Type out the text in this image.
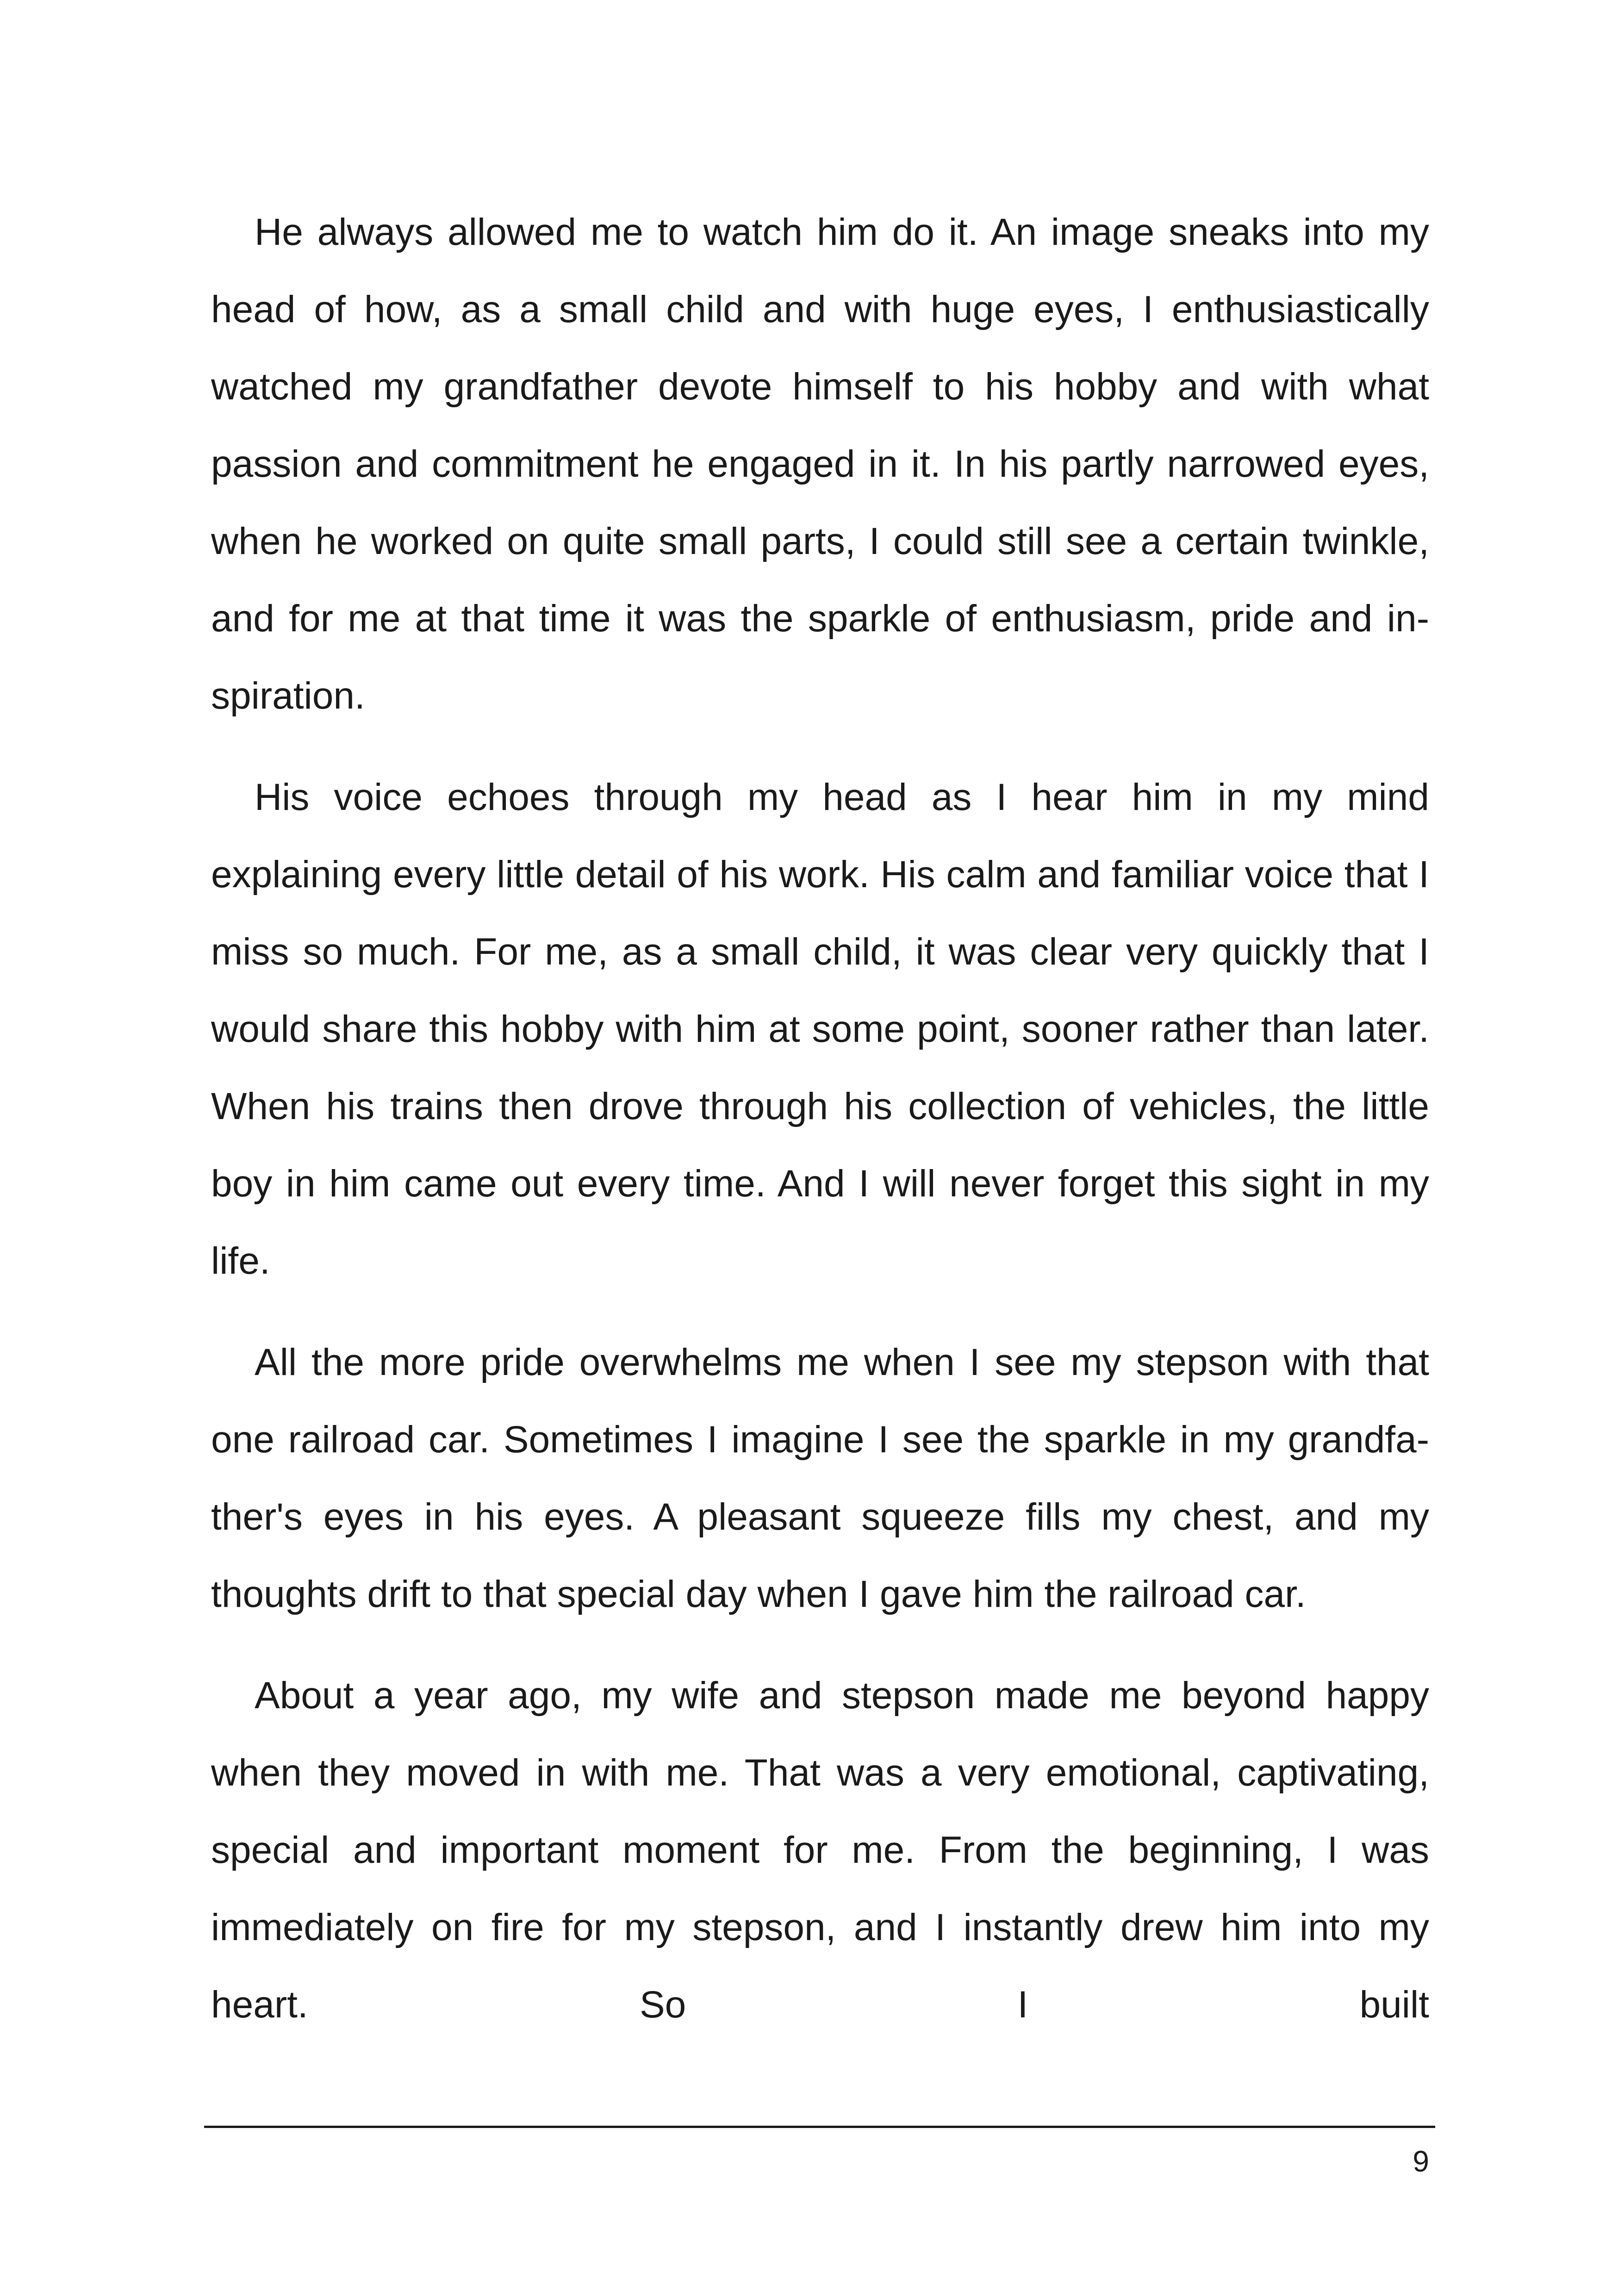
He always allowed me to watch him do it. An image sneaks into my head of how, as a small child and with huge eyes, I enthusiastically watched my grandfather devote himself to his hobby and with what passion and commitment he engaged in it. In his partly narrowed eyes, when he worked on quite small parts, I could still see a certain twinkle, and for me at that time it was the sparkle of enthusiasm, pride and in-spiration.

His voice echoes through my head as I hear him in my mind explaining every little detail of his work. His calm and familiar voice that I miss so much. For me, as a small child, it was clear very quickly that I would share this hobby with him at some point, sooner rather than later. When his trains then drove through his collection of vehicles, the little boy in him came out every time. And I will never forget this sight in my life.

All the more pride overwhelms me when I see my stepson with that one railroad car. Sometimes I imagine I see the sparkle in my grandfa-ther's eyes in his eyes. A pleasant squeeze fills my chest, and my thoughts drift to that special day when I gave him the railroad car.

About a year ago, my wife and stepson made me beyond happy when they moved in with me. That was a very emotional, captivating, special and important moment for me. From the beginning, I was immediately on fire for my stepson, and I instantly drew him into my heart. So I built

9
